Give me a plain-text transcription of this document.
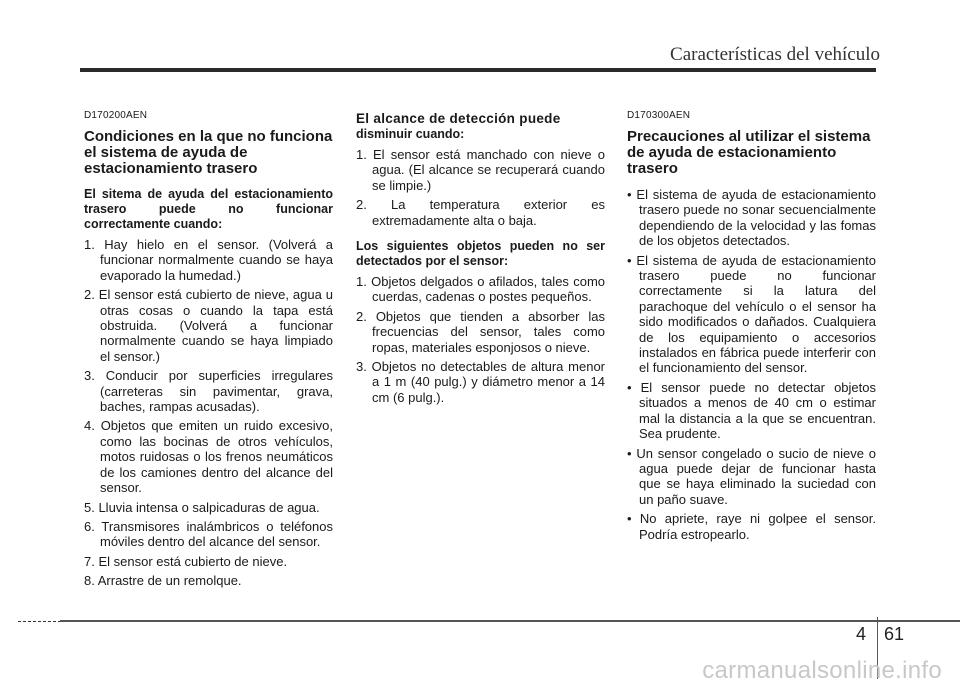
Características del vehículo

D170200AEN

Condiciones en la que no funciona el sistema de ayuda de estacionamiento trasero

El sitema de ayuda del estacionamiento trasero puede no funcionar correctamente cuando:

1. Hay hielo en el sensor. (Volverá a funcionar normalmente cuando se haya evaporado la humedad.)
2. El sensor está cubierto de nieve, agua u otras cosas o cuando la tapa está obstruida. (Volverá a funcionar normalmente cuando se haya limpiado el sensor.)
3. Conducir por superficies irregulares (carreteras sin pavimentar, grava, baches, rampas acusadas).
4. Objetos que emiten un ruido excesivo, como las bocinas de otros vehículos, motos ruidosas o los frenos neumáticos de los camiones dentro del alcance del sensor.
5. Lluvia intensa o salpicaduras de agua.
6. Transmisores inalámbricos o teléfonos móviles dentro del alcance del sensor.
7. El sensor está cubierto de nieve.
8. Arrastre de un remolque.

El alcance de detección puede
disminuir cuando:

1. El sensor está manchado con nieve o agua. (El alcance se recuperará cuando se limpie.)
2. La temperatura exterior es extremadamente alta o baja.

Los siguientes objetos pueden no ser detectados por el sensor:

1. Objetos delgados o afilados, tales como cuerdas, cadenas o postes pequeños.
2. Objetos que tienden a absorber las frecuencias del sensor, tales como ropas, materiales esponjosos o nieve.
3. Objetos no detectables de altura menor a 1 m (40 pulg.) y diámetro menor a 14 cm (6 pulg.).

D170300AEN

Precauciones al utilizar el sistema de ayuda de estacionamiento trasero
• El sistema de ayuda de estacionamiento trasero puede no sonar secuencialmente dependiendo de la velocidad y las fomas de los objetos detectados.
• El sistema de ayuda de estacionamiento trasero puede no funcionar correctamente si la latura del parachoque del vehículo o el sensor ha sido modificados o dañados. Cualquiera de los equipamiento o accesorios instalados en fábrica puede interferir con el funcionamiento del sensor.
• El sensor puede no detectar objetos situados a menos de 40 cm o estimar mal la distancia a la que se encuentran. Sea prudente.
• Un sensor congelado o sucio de nieve o agua puede dejar de funcionar hasta que se haya eliminado la suciedad con un paño suave.
• No apriete, raye ni golpee el sensor. Podría estropearlo.
4 61
carmanualsonline.info
